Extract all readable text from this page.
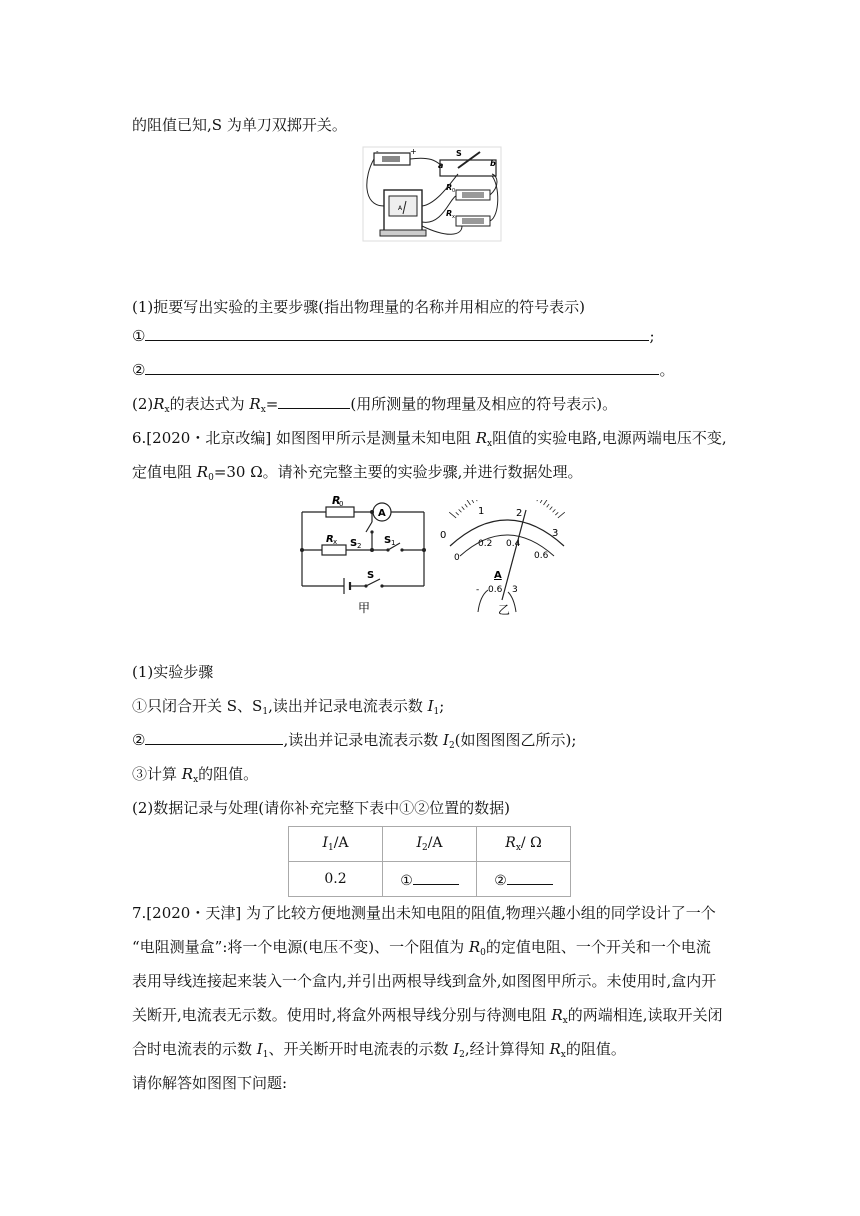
的阻值已知,S 为单刀双掷开关。
-	+	S
a	b
A
R 0
R x
(1)扼要写出实验的主要步骤(指出物理量的名称并用相应的符号表示)
①	;
②	。
$(2)R_x$的表达式为 $R_x=$	(用所测量的物理量及相应的符号表示)。
6.[2020・北京改编] 如图图甲所示是测量未知电阻 $R_x$阻值的实验电路,电源两端电压不变,
定值电阻 $R_0=30$ Ω。请补充完整主要的实验步骤,并进行数据处理。
R
0
A
R x S 2 S 1
S
甲
0
1	2
3
0
0.2 0.4
0.6
A
- 0.6 3
乙
(1)实验步骤
①只闭合开关 S、$S_1$,读出并记录电流表示数 $I_1$;
②	,读出并记录电流表示数 $I_2$(如图图图乙所示);
③计算 $R_x$的阻值。
(2)数据记录与处理(请你补充完整下表中①②位置的数据)
$I_1/A$	$I_2/A$	$R_x/$ Ω
0.2	①	②
7.[2020・天津] 为了比较方便地测量出未知电阻的阻值,物理兴趣小组的同学设计了一个
“电阻测量盒”:将一个电源(电压不变)、一个阻值为 $R_0$的定值电阻、一个开关和一个电流
表用导线连接起来装入一个盒内,并引出两根导线到盒外,如图图甲所示。未使用时,盒内开
关断开,电流表无示数。使用时,将盒外两根导线分别与待测电阻 $R_x$的两端相连,读取开关闭
合时电流表的示数 $I_1$、开关断开时电流表的示数 $I_2$,经计算得知 $R_x$的阻值。
请你解答如图图下问题:
